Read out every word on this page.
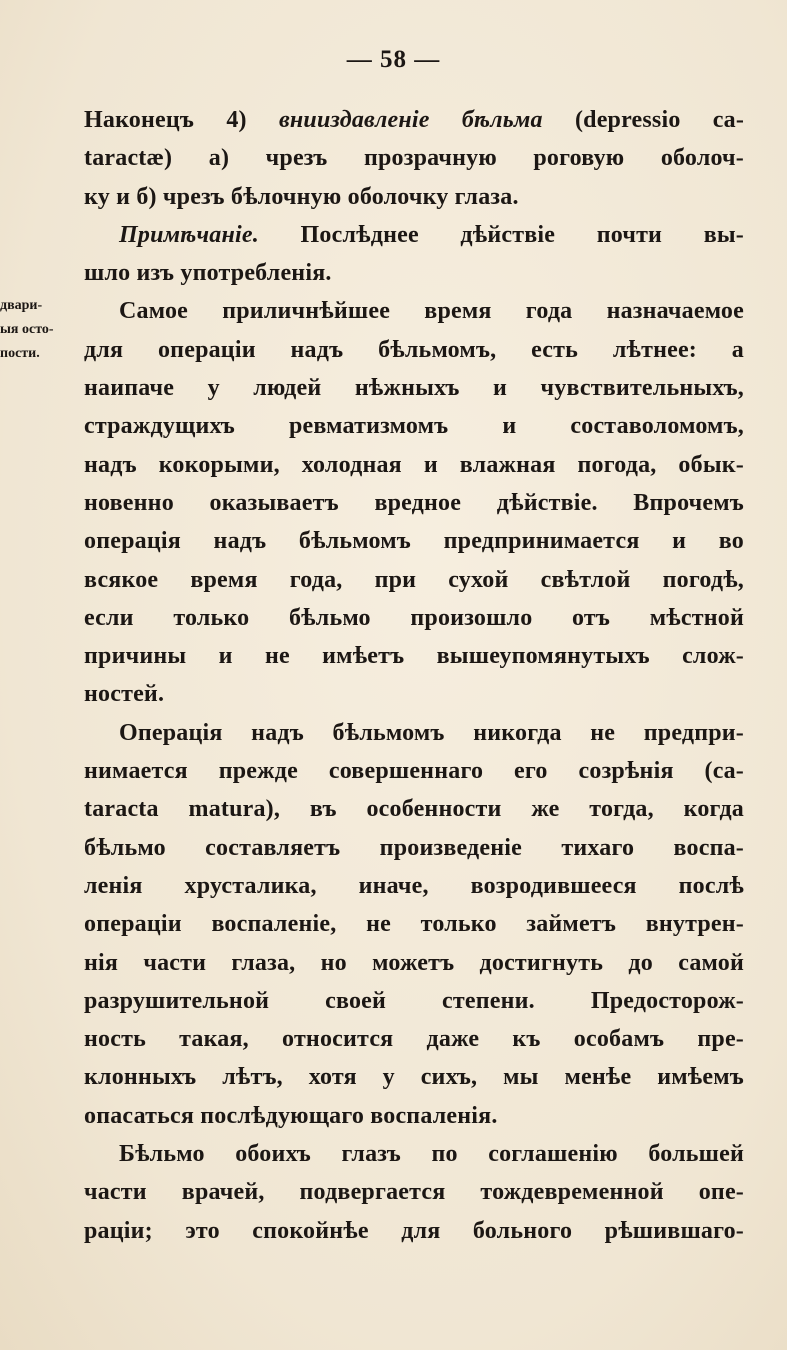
— 58 —
двари-
ыя осто-
пости.
Наконецъ 4) внииздавленіе бѣльма (depressio ca-
taractæ) а) чрезъ прозрачную роговую оболоч-
ку и б) чрезъ бѣлочную оболочку глаза.
Примѣчаніе. Послѣднее дѣйствіе почти вы-
шло изъ употребленія.
Самое приличнѣйшее время года назначаемое
для операціи надъ бѣльмомъ, есть лѣтнее: а
наипаче у людей нѣжныхъ и чувствительныхъ,
страждущихъ ревматизмомъ и составоломомъ,
надъ кокорыми, холодная и влажная погода, обык-
новенно оказываетъ вредное дѣйствіе. Впрочемъ
операція надъ бѣльмомъ предпринимается и во
всякое время года, при сухой свѣтлой погодѣ,
если только бѣльмо произошло отъ мѣстной
причины и не имѣетъ вышеупомянутыхъ слож-
ностей.
Операція надъ бѣльмомъ никогда не предпри-
нимается прежде совершеннаго его созрѣнія (ca-
taracta matura), въ особенности же тогда, когда
бѣльмо составляетъ произведеніе тихаго воспа-
ленія хрусталика, иначе, возродившееся послѣ
операціи воспаленіе, не только займетъ внутрен-
нія части глаза, но можетъ достигнуть до самой
разрушительной своей степени. Предосторож-
ность такая, относится даже къ особамъ пре-
клонныхъ лѣтъ, хотя у сихъ, мы менѣе имѣемъ
опасаться послѣдующаго воспаленія.
Бѣльмо обоихъ глазъ по соглашенію большей
части врачей, подвергается тождевременной опе-
раціи; это спокойнѣе для больного рѣшившаго-
